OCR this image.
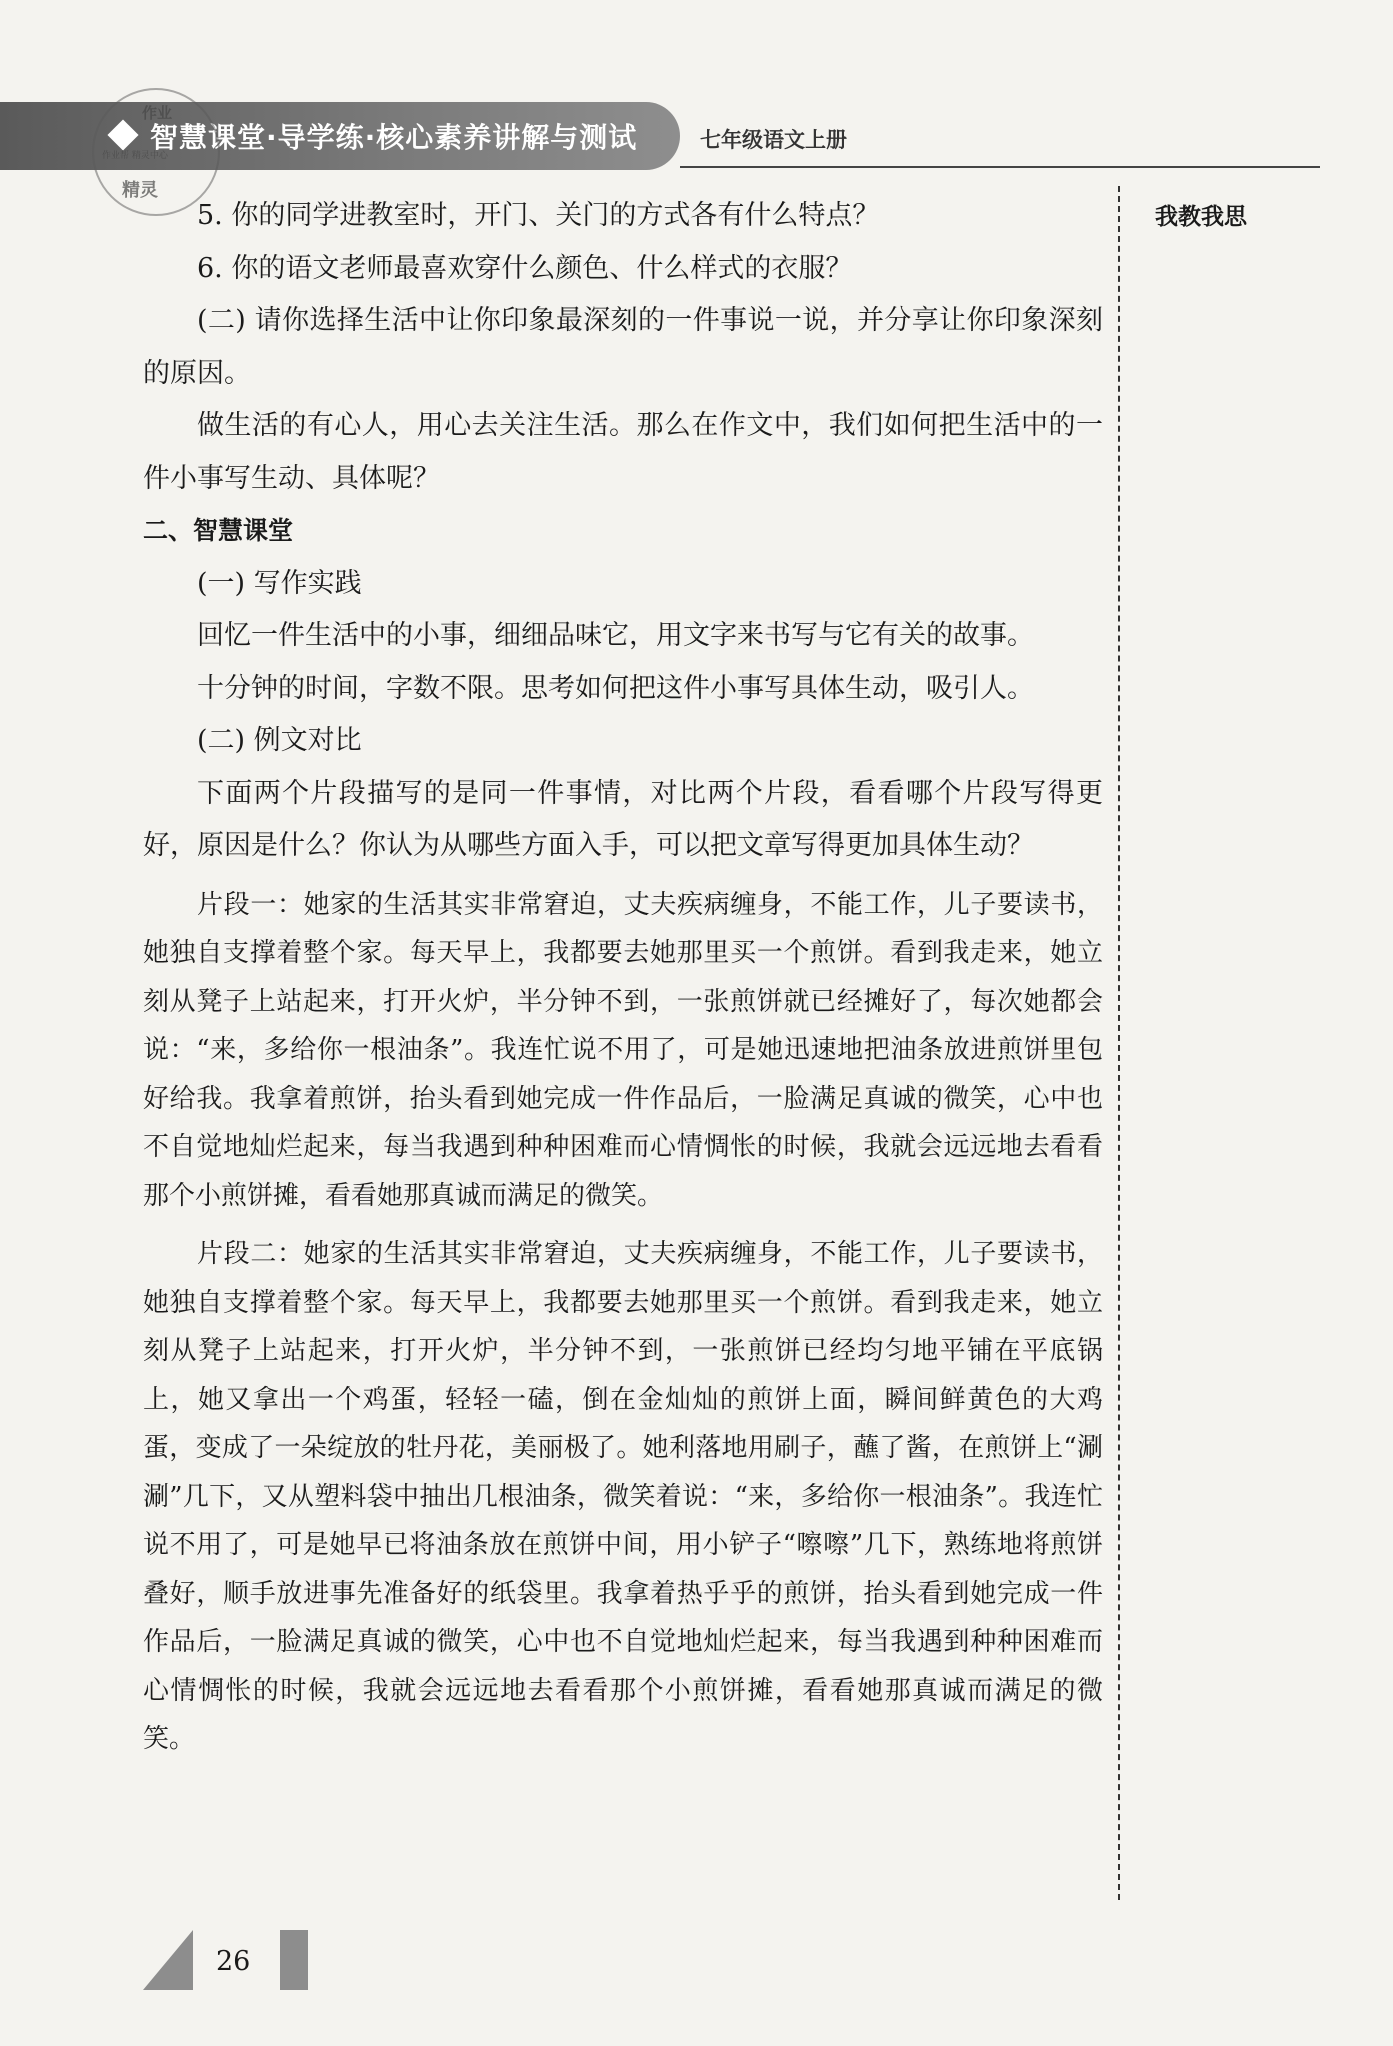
智慧课堂·导学练·核心素养讲解与测试	七年级语文上册
作业
作业帮 精灵中心
精灵
我教我思

5. 你的同学进教室时，开门、关门的方式各有什么特点？

6. 你的语文老师最喜欢穿什么颜色、什么样式的衣服？

(二) 请你选择生活中让你印象最深刻的一件事说一说，并分享让你印象深刻的原因。

做生活的有心人，用心去关注生活。那么在作文中，我们如何把生活中的一件小事写生动、具体呢？

二、智慧课堂

(一) 写作实践

回忆一件生活中的小事，细细品味它，用文字来书写与它有关的故事。

十分钟的时间，字数不限。思考如何把这件小事写具体生动，吸引人。

(二) 例文对比

下面两个片段描写的是同一件事情，对比两个片段，看看哪个片段写得更好，原因是什么？你认为从哪些方面入手，可以把文章写得更加具体生动？

片段一：她家的生活其实非常窘迫，丈夫疾病缠身，不能工作，儿子要读书，她独自支撑着整个家。每天早上，我都要去她那里买一个煎饼。看到我走来，她立刻从凳子上站起来，打开火炉，半分钟不到，一张煎饼就已经摊好了，每次她都会说：“来，多给你一根油条”。我连忙说不用了，可是她迅速地把油条放进煎饼里包好给我。我拿着煎饼，抬头看到她完成一件作品后，一脸满足真诚的微笑，心中也不自觉地灿烂起来，每当我遇到种种困难而心情惆怅的时候，我就会远远地去看看那个小煎饼摊，看看她那真诚而满足的微笑。

片段二：她家的生活其实非常窘迫，丈夫疾病缠身，不能工作，儿子要读书，她独自支撑着整个家。每天早上，我都要去她那里买一个煎饼。看到我走来，她立刻从凳子上站起来，打开火炉，半分钟不到，一张煎饼已经均匀地平铺在平底锅上，她又拿出一个鸡蛋，轻轻一磕，倒在金灿灿的煎饼上面，瞬间鲜黄色的大鸡蛋，变成了一朵绽放的牡丹花，美丽极了。她利落地用刷子，蘸了酱，在煎饼上“涮涮”几下，又从塑料袋中抽出几根油条，微笑着说：“来，多给你一根油条”。我连忙说不用了，可是她早已将油条放在煎饼中间，用小铲子“嚓嚓”几下，熟练地将煎饼叠好，顺手放进事先准备好的纸袋里。我拿着热乎乎的煎饼，抬头看到她完成一件作品后，一脸满足真诚的微笑，心中也不自觉地灿烂起来，每当我遇到种种困难而心情惆怅的时候，我就会远远地去看看那个小煎饼摊，看看她那真诚而满足的微笑。

26
